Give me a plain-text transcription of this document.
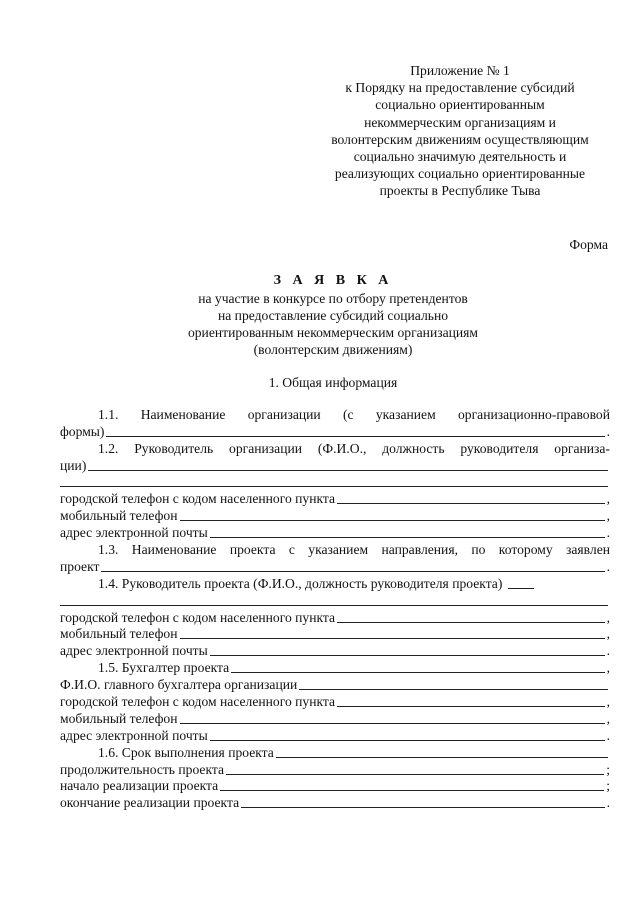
Приложение № 1
к Порядку на предоставление субсидий
социально ориентированным
некоммерческим организациям и
волонтерским движениям осуществляющим
социально значимую деятельность и
реализующих социально ориентированные
проекты в Республике Тыва
Форма
З А Я В К А
на участие в конкурсе по отбору претендентов
на предоставление субсидий социально
ориентированным некоммерческим организациям
(волонтерским движениям)
1. Общая информация
1.1. Наименование организации (с указанием организационно-правовой
формы)	.
1.2. Руководитель организации (Ф.И.О., должность руководителя организа-
ции)
городской телефон с кодом населенного пункта	,
мобильный телефон	,
адрес электронной почты	.
1.3. Наименование проекта с указанием направления, по которому заявлен
проект	.
1.4. Руководитель проекта (Ф.И.О., должность руководителя проекта)
городской телефон с кодом населенного пункта	,
мобильный телефон	,
адрес электронной почты	.
1.5. Бухгалтер проекта	,
Ф.И.О. главного бухгалтера организации
городской телефон с кодом населенного пункта	,
мобильный телефон	,
адрес электронной почты	.
1.6. Срок выполнения проекта
продолжительность проекта	;
начало реализации проекта	;
окончание реализации проекта	.
